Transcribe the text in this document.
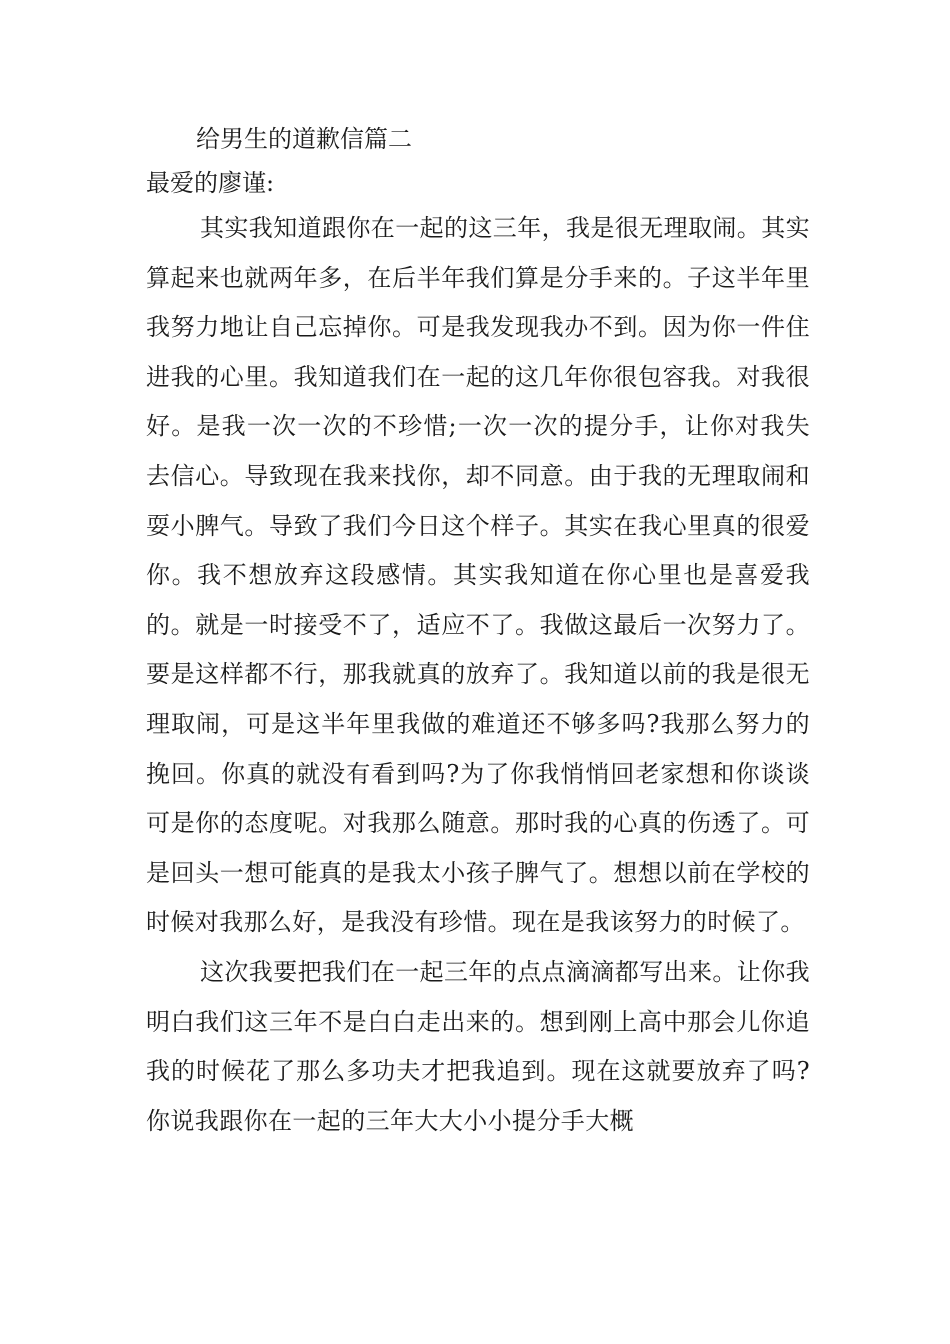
给男生的道歉信篇二

最爱的廖谨:

其实我知道跟你在一起的这三年，我是很无理取闹。其实算起来也就两年多，在后半年我们算是分手来的。子这半年里我努力地让自己忘掉你。可是我发现我办不到。因为你一件住进我的心里。我知道我们在一起的这几年你很包容我。对我很好。是我一次一次的不珍惜;一次一次的提分手，让你对我失去信心。导致现在我来找你，却不同意。由于我的无理取闹和耍小脾气。导致了我们今日这个样子。其实在我心里真的很爱你。我不想放弃这段感情。其实我知道在你心里也是喜爱我的。就是一时接受不了，适应不了。我做这最后一次努力了。要是这样都不行，那我就真的放弃了。我知道以前的我是很无理取闹，可是这半年里我做的难道还不够多吗?我那么努力的挽回。你真的就没有看到吗?为了你我悄悄回老家想和你谈谈可是你的态度呢。对我那么随意。那时我的心真的伤透了。可是回头一想可能真的是我太小孩子脾气了。想想以前在学校的时候对我那么好，是我没有珍惜。现在是我该努力的时候了。

这次我要把我们在一起三年的点点滴滴都写出来。让你我明白我们这三年不是白白走出来的。想到刚上高中那会儿你追我的时候花了那么多功夫才把我追到。现在这就要放弃了吗?你说我跟你在一起的三年大大小小提分手大概
